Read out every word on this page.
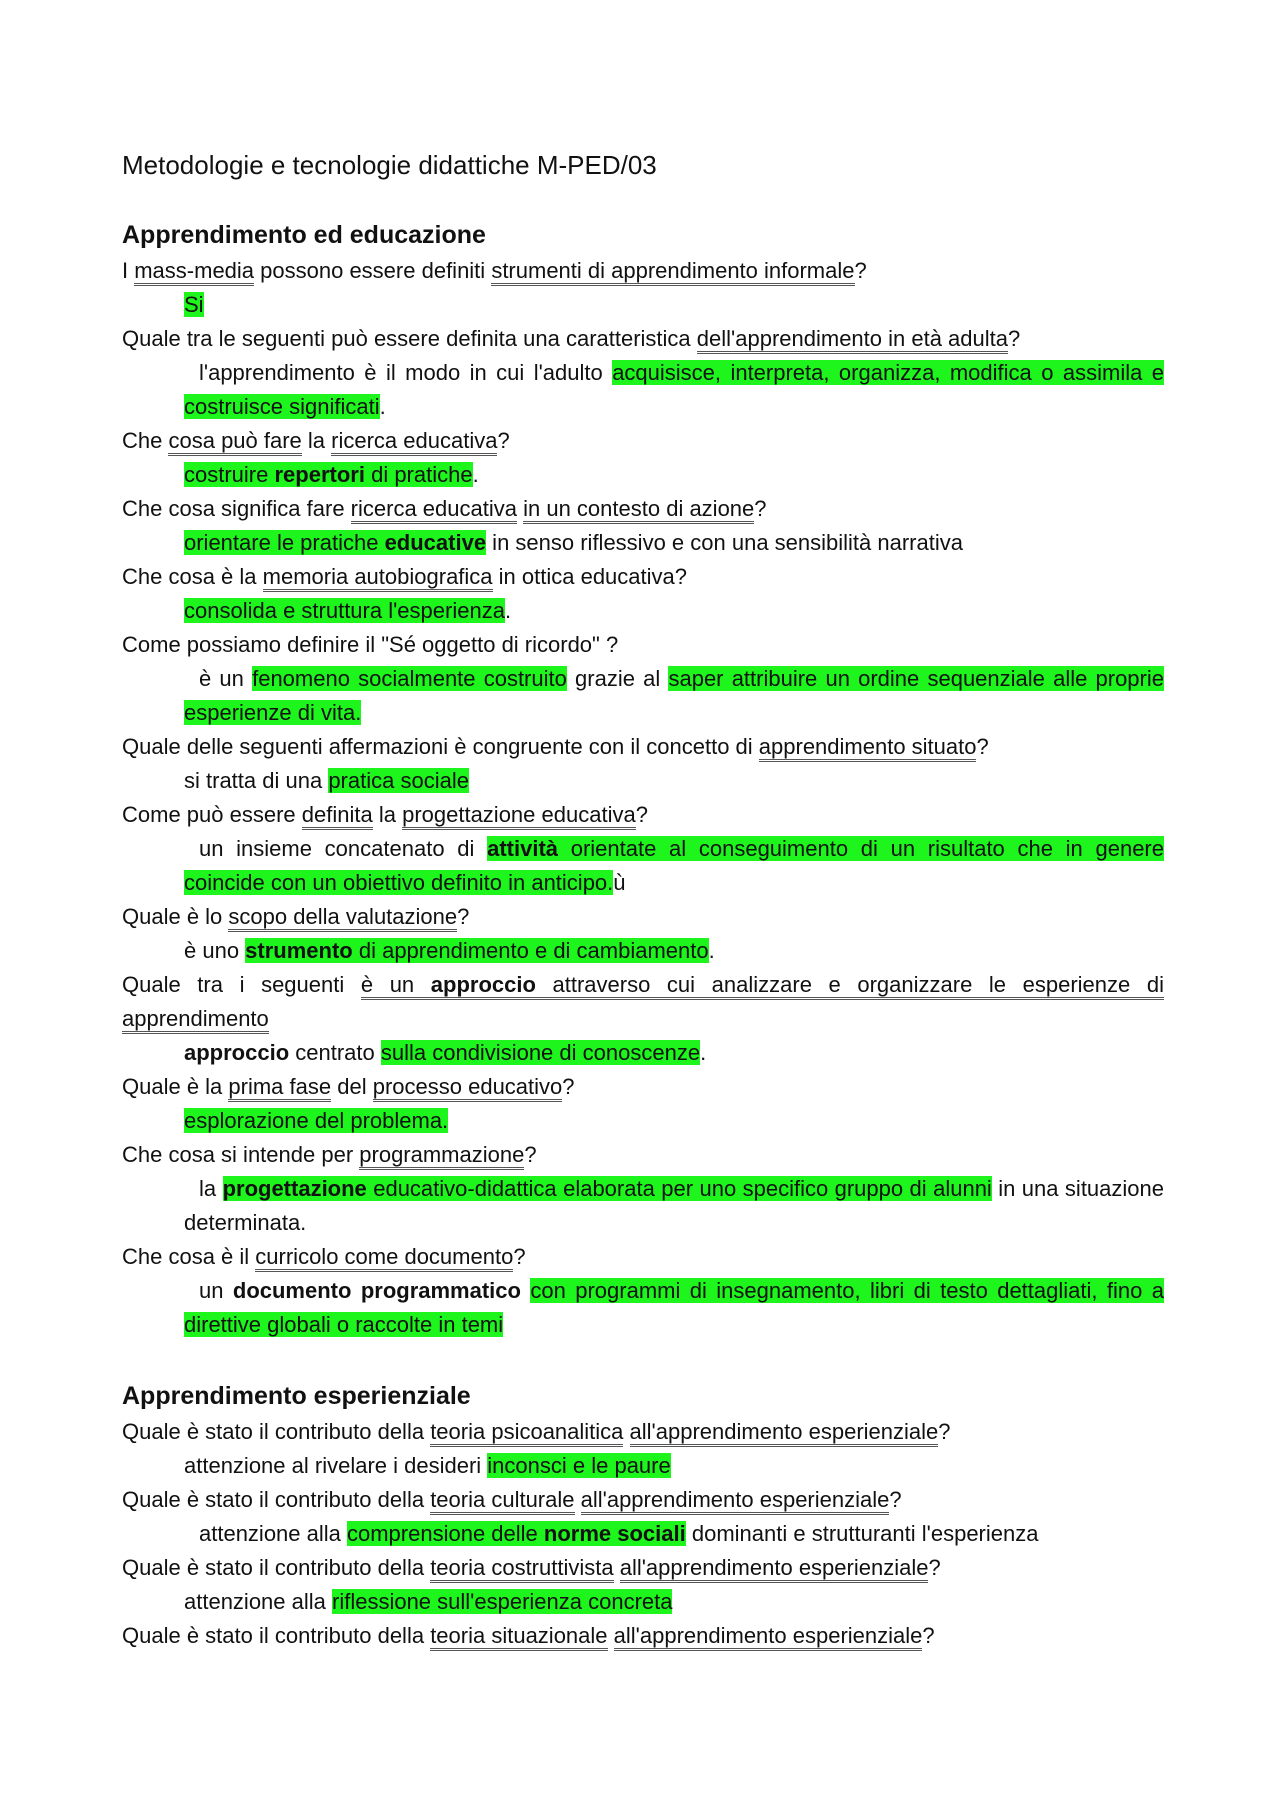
Metodologie e tecnologie didattiche M-PED/03
Apprendimento ed educazione

I mass-media possono essere definiti strumenti di apprendimento informale?

Si

Quale tra le seguenti può essere definita una caratteristica dell'apprendimento in età adulta?

l'apprendimento è il modo in cui l'adulto acquisisce, interpreta, organizza, modifica o assimila e costruisce significati.

Che cosa può fare la ricerca educativa?

costruire repertori di pratiche.

Che cosa significa fare ricerca educativa in un contesto di azione?

orientare le pratiche educative in senso riflessivo e con una sensibilità narrativa

Che cosa è la memoria autobiografica in ottica educativa?

consolida e struttura l'esperienza.

Come possiamo definire il "Sé oggetto di ricordo" ?

è un fenomeno socialmente costruito grazie al saper attribuire un ordine sequenziale alle proprie esperienze di vita.

Quale delle seguenti affermazioni è congruente con il concetto di apprendimento situato?

si tratta di una pratica sociale

Come può essere definita la progettazione educativa?

un insieme concatenato di attività orientate al conseguimento di un risultato che in genere coincide con un obiettivo definito in anticipo.ù

Quale è lo scopo della valutazione?

è uno strumento di apprendimento e di cambiamento.

Quale tra i seguenti è un approccio attraverso cui analizzare e organizzare le esperienze di apprendimento

approccio centrato sulla condivisione di conoscenze.

Quale è la prima fase del processo educativo?

esplorazione del problema.

Che cosa si intende per programmazione?

la progettazione educativo-didattica elaborata per uno specifico gruppo di alunni in una situazione determinata.

Che cosa è il curricolo come documento?

un documento programmatico con programmi di insegnamento, libri di testo dettagliati, fino a direttive globali o raccolte in temi

Apprendimento esperienziale

Quale è stato il contributo della teoria psicoanalitica all'apprendimento esperienziale?

attenzione al rivelare i desideri inconsci e le paure

Quale è stato il contributo della teoria culturale all'apprendimento esperienziale?

attenzione alla comprensione delle norme sociali dominanti e strutturanti l'esperienza

Quale è stato il contributo della teoria costruttivista all'apprendimento esperienziale?

attenzione alla riflessione sull'esperienza concreta

Quale è stato il contributo della teoria situazionale all'apprendimento esperienziale?
